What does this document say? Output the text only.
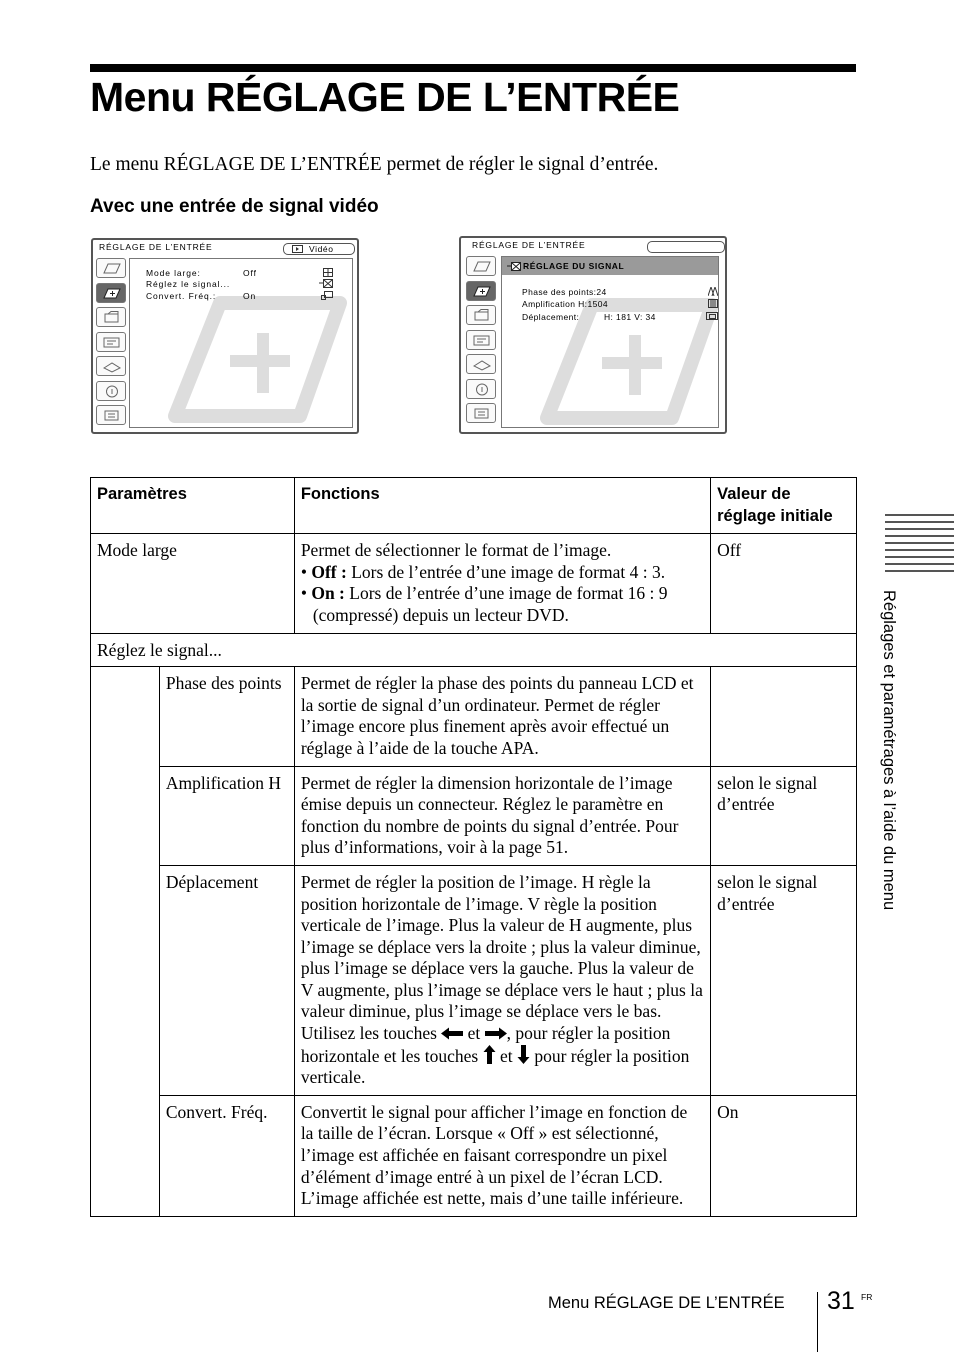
Menu RÉGLAGE DE L’ENTRÉE
Le menu RÉGLAGE DE L’ENTRÉE permet de régler le signal d’entrée.
Avec une entrée de signal vidéo
RÉGLAGE DE L’ENTRÉE	Vidéo
Mode large:	Off
Réglez le signal...
Convert. Fréq.:	On
RÉGLAGE DE L’ENTRÉE
RÉGLAGE DU SIGNAL
Phase des points:24
Amplification H:1504
Déplacement:	H: 181 V: 34
Paramètres		Fonctions	Valeur de réglage initiale
Mode large		Permet de sélectionner le format de l’image.
• Off : Lors de l’entrée d’une image de format 4 : 3.
• On : Lors de l’entrée d’une image de format 16 : 9 (compressé) depuis un lecteur DVD.	Off
Réglez le signal...			
	Phase des points	Permet de régler la phase des points du panneau LCD et la sortie de signal d’un ordinateur. Permet de régler l’image encore plus finement après avoir effectué un réglage à l’aide de la touche APA.	
	Amplification H	Permet de régler la dimension horizontale de l’image émise depuis un connecteur. Réglez le paramètre en fonction du nombre de points du signal d’entrée. Pour plus d’informations, voir à la page 51.	selon le signal d’entrée
	Déplacement	Permet de régler la position de l’image. H règle la position horizontale de l’image. V règle la position verticale de l’image. Plus la valeur de H augmente, plus l’image se déplace vers la droite ; plus la valeur diminue, plus l’image se déplace vers la gauche. Plus la valeur de V augmente, plus l’image se déplace vers le haut ; plus la valeur diminue, plus l’image se déplace vers le bas. Utilisez les touches et , pour régler la position horizontale et les touches et pour régler la position verticale.	selon le signal d’entrée
	Convert. Fréq.	Convertit le signal pour afficher l’image en fonction de la taille de l’écran. Lorsque « Off » est sélectionné, l’image est affichée en faisant correspondre un pixel d’élément d’image entré à un pixel de l’écran LCD. L’image affichée est nette, mais d’une taille inférieure.	On
Réglages et paramétrages à l’aide du menu
Menu RÉGLAGE DE L’ENTRÉE 31 FR
